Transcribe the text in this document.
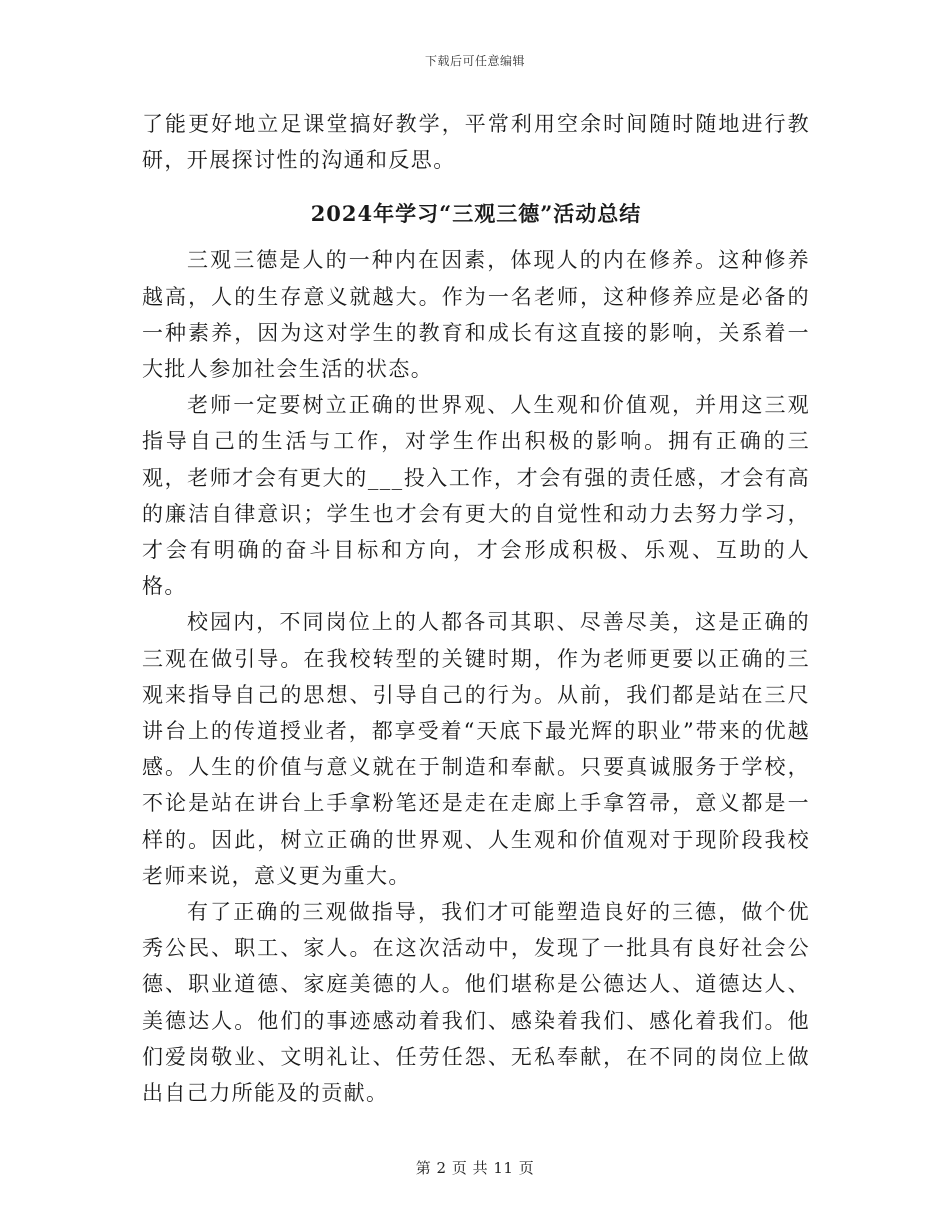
下载后可任意编辑

了能更好地立足课堂搞好教学，平常利用空余时间随时随地进行教研，开展探讨性的沟通和反思。

2024年学习“三观三德”活动总结

三观三德是人的一种内在因素，体现人的内在修养。这种修养越高，人的生存意义就越大。作为一名老师，这种修养应是必备的一种素养，因为这对学生的教育和成长有这直接的影响，关系着一大批人参加社会生活的状态。

老师一定要树立正确的世界观、人生观和价值观，并用这三观指导自己的生活与工作，对学生作出积极的影响。拥有正确的三观，老师才会有更大的___投入工作，才会有强的责任感，才会有高的廉洁自律意识；学生也才会有更大的自觉性和动力去努力学习，才会有明确的奋斗目标和方向，才会形成积极、乐观、互助的人格。

校园内，不同岗位上的人都各司其职、尽善尽美，这是正确的三观在做引导。在我校转型的关键时期，作为老师更要以正确的三观来指导自己的思想、引导自己的行为。从前，我们都是站在三尺讲台上的传道授业者，都享受着“天底下最光辉的职业”带来的优越感。人生的价值与意义就在于制造和奉献。只要真诚服务于学校，不论是站在讲台上手拿粉笔还是走在走廊上手拿笤帚，意义都是一样的。因此，树立正确的世界观、人生观和价值观对于现阶段我校老师来说，意义更为重大。

有了正确的三观做指导，我们才可能塑造良好的三德，做个优秀公民、职工、家人。在这次活动中，发现了一批具有良好社会公德、职业道德、家庭美德的人。他们堪称是公德达人、道德达人、美德达人。他们的事迹感动着我们、感染着我们、感化着我们。他们爱岗敬业、文明礼让、任劳任怨、无私奉献，在不同的岗位上做出自己力所能及的贡献。

第 2 页 共 11 页
